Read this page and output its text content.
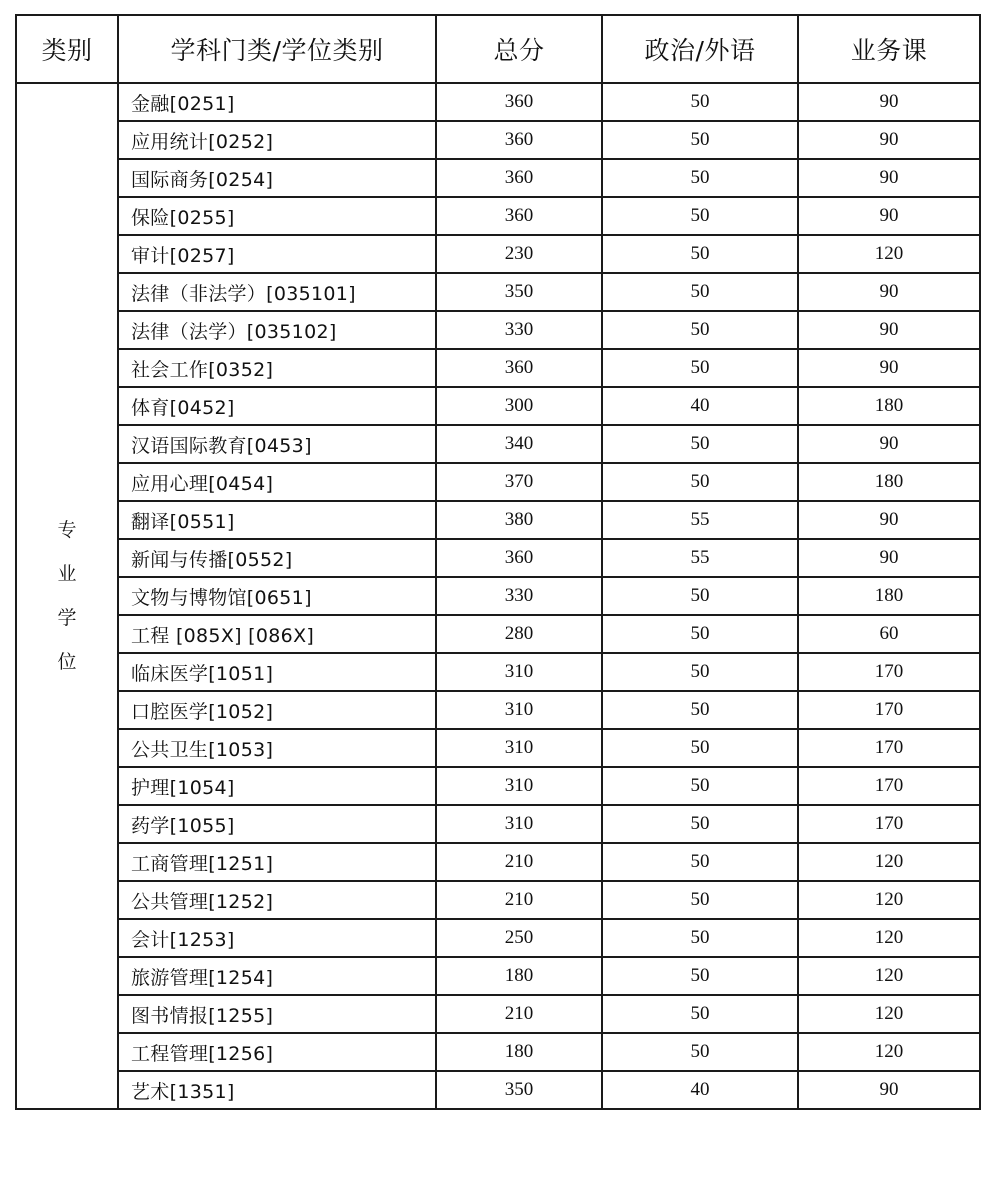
类别	学科门类/学位类别	总分	政治/外语	业务课
专业学位	金融[0251]	360	50	90
	应用统计[0252]	360	50	90
	国际商务[0254]	360	50	90
	保险[0255]	360	50	90
	审计[0257]	230	50	120
	法律（非法学）[035101]	350	50	90
	法律（法学）[035102]	330	50	90
	社会工作[0352]	360	50	90
	体育[0452]	300	40	180
	汉语国际教育[0453]	340	50	90
	应用心理[0454]	370	50	180
	翻译[0551]	380	55	90
	新闻与传播[0552]	360	55	90
	文物与博物馆[0651]	330	50	180
	工程 [085X] [086X]	280	50	60
	临床医学[1051]	310	50	170
	口腔医学[1052]	310	50	170
	公共卫生[1053]	310	50	170
	护理[1054]	310	50	170
	药学[1055]	310	50	170
	工商管理[1251]	210	50	120
	公共管理[1252]	210	50	120
	会计[1253]	250	50	120
	旅游管理[1254]	180	50	120
	图书情报[1255]	210	50	120
	工程管理[1256]	180	50	120
	艺术[1351]	350	40	90
